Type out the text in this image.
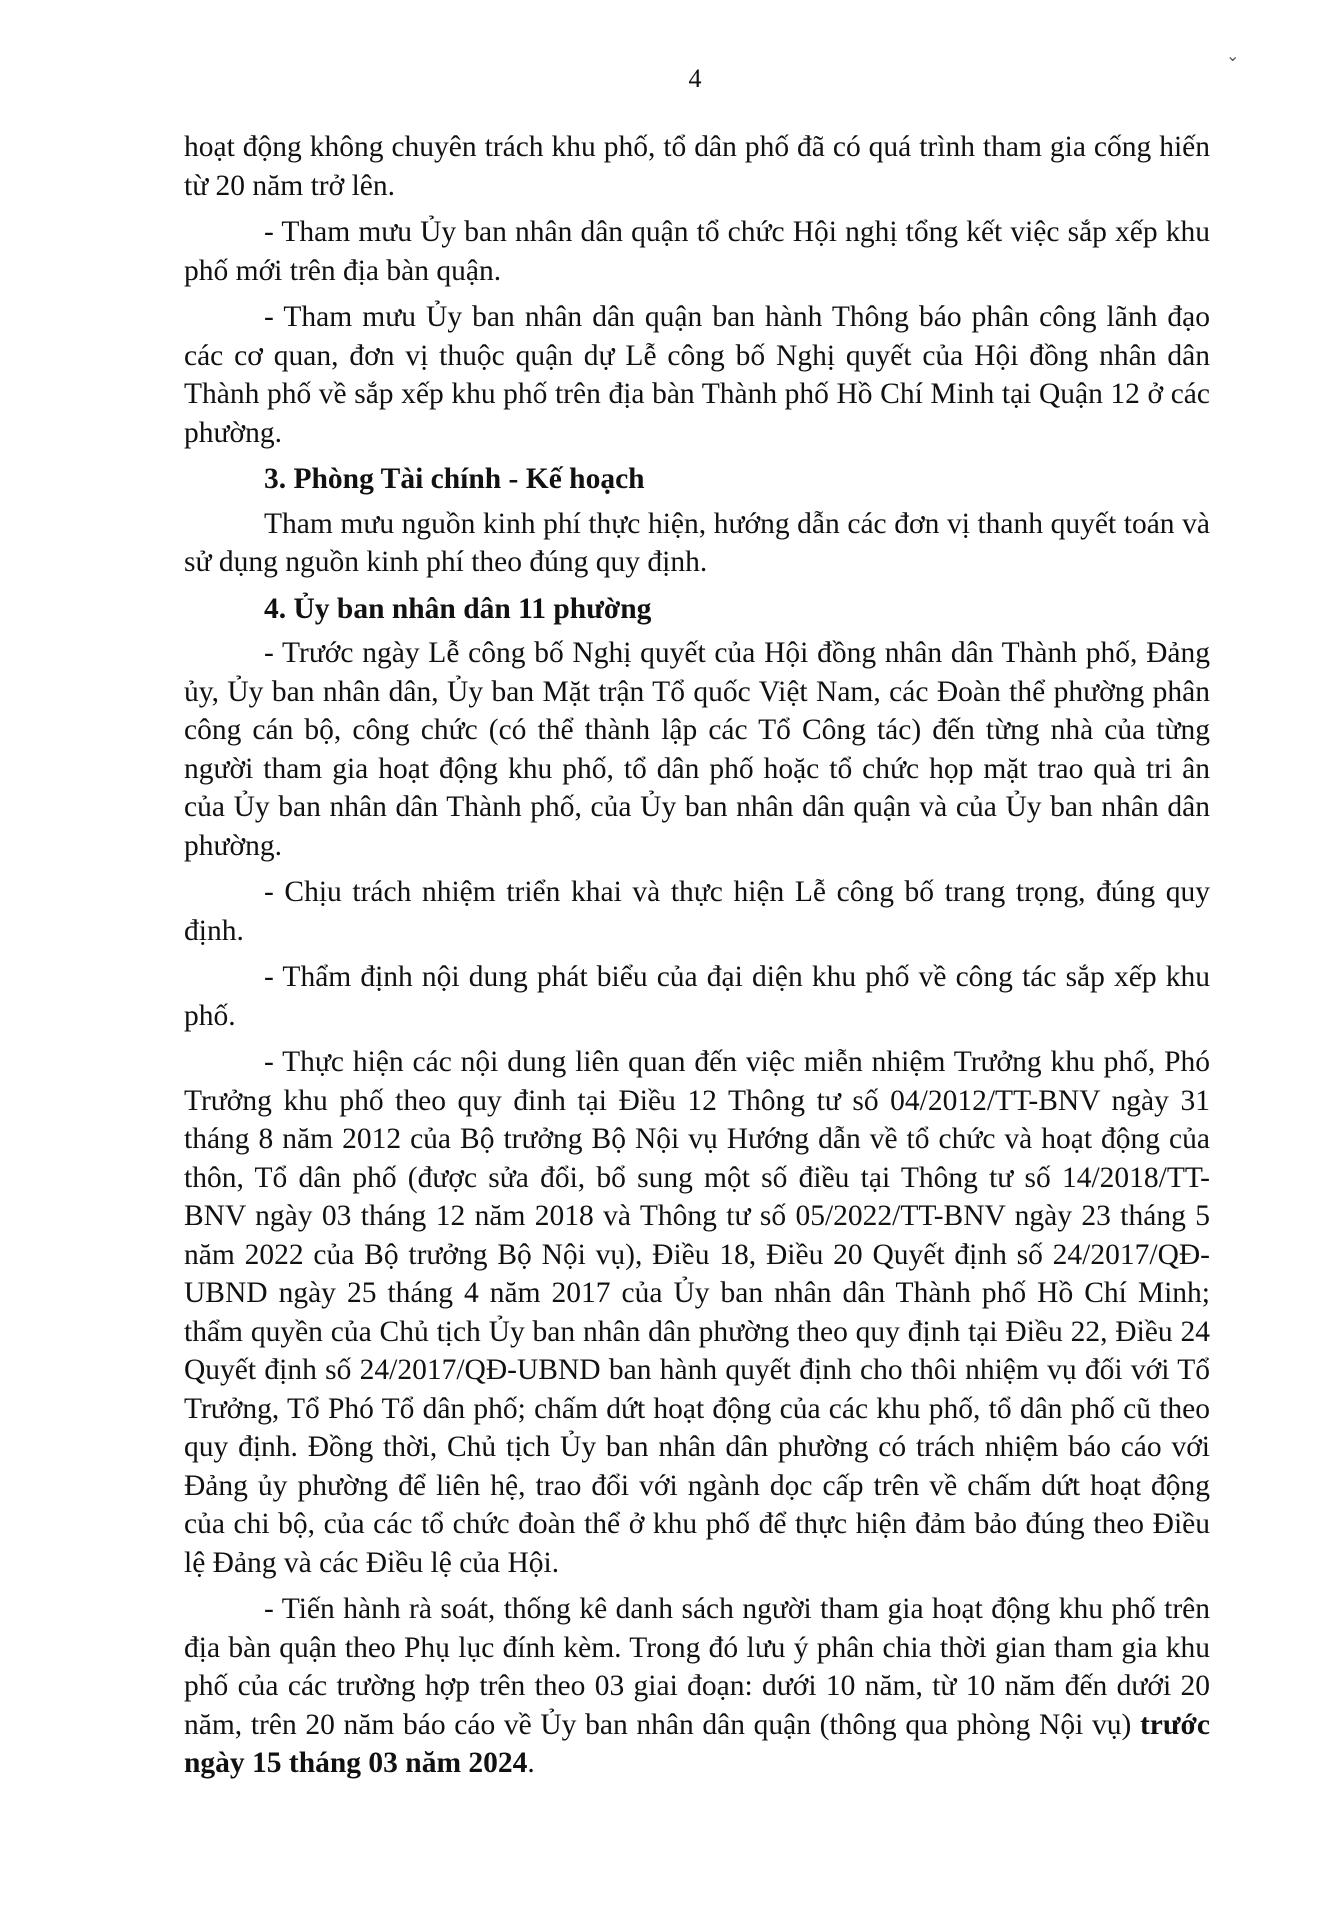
4
⌄

hoạt động không chuyên trách khu phố, tổ dân phố đã có quá trình tham gia cống hiến từ 20 năm trở lên.

- Tham mưu Ủy ban nhân dân quận tổ chức Hội nghị tổng kết việc sắp xếp khu phố mới trên địa bàn quận.

- Tham mưu Ủy ban nhân dân quận ban hành Thông báo phân công lãnh đạo các cơ quan, đơn vị thuộc quận dự Lễ công bố Nghị quyết của Hội đồng nhân dân Thành phố về sắp xếp khu phố trên địa bàn Thành phố Hồ Chí Minh tại Quận 12 ở các phường.

3. Phòng Tài chính - Kế hoạch

Tham mưu nguồn kinh phí thực hiện, hướng dẫn các đơn vị thanh quyết toán và sử dụng nguồn kinh phí theo đúng quy định.

4. Ủy ban nhân dân 11 phường

- Trước ngày Lễ công bố Nghị quyết của Hội đồng nhân dân Thành phố, Đảng ủy, Ủy ban nhân dân, Ủy ban Mặt trận Tổ quốc Việt Nam, các Đoàn thể phường phân công cán bộ, công chức (có thể thành lập các Tổ Công tác) đến từng nhà của từng người tham gia hoạt động khu phố, tổ dân phố hoặc tổ chức họp mặt trao quà tri ân của Ủy ban nhân dân Thành phố, của Ủy ban nhân dân quận và của Ủy ban nhân dân phường.

- Chịu trách nhiệm triển khai và thực hiện Lễ công bố trang trọng, đúng quy định.

- Thẩm định nội dung phát biểu của đại diện khu phố về công tác sắp xếp khu phố.

- Thực hiện các nội dung liên quan đến việc miễn nhiệm Trưởng khu phố, Phó Trưởng khu phố theo quy đinh tại Điều 12 Thông tư số 04/2012/TT-BNV ngày 31 tháng 8 năm 2012 của Bộ trưởng Bộ Nội vụ Hướng dẫn về tổ chức và hoạt động của thôn, Tổ dân phố (được sửa đổi, bổ sung một số điều tại Thông tư số 14/2018/TT-BNV ngày 03 tháng 12 năm 2018 và Thông tư số 05/2022/TT-BNV ngày 23 tháng 5 năm 2022 của Bộ trưởng Bộ Nội vụ), Điều 18, Điều 20 Quyết định số 24/2017/QĐ-UBND ngày 25 tháng 4 năm 2017 của Ủy ban nhân dân Thành phố Hồ Chí Minh; thẩm quyền của Chủ tịch Ủy ban nhân dân phường theo quy định tại Điều 22, Điều 24 Quyết định số 24/2017/QĐ-UBND ban hành quyết định cho thôi nhiệm vụ đối với Tổ Trưởng, Tổ Phó Tổ dân phố; chấm dứt hoạt động của các khu phố, tổ dân phố cũ theo quy định. Đồng thời, Chủ tịch Ủy ban nhân dân phường có trách nhiệm báo cáo với Đảng ủy phường để liên hệ, trao đổi với ngành dọc cấp trên về chấm dứt hoạt động của chi bộ, của các tổ chức đoàn thể ở khu phố để thực hiện đảm bảo đúng theo Điều lệ Đảng và các Điều lệ của Hội.

- Tiến hành rà soát, thống kê danh sách người tham gia hoạt động khu phố trên địa bàn quận theo Phụ lục đính kèm. Trong đó lưu ý phân chia thời gian tham gia khu phố của các trường hợp trên theo 03 giai đoạn: dưới 10 năm, từ 10 năm đến dưới 20 năm, trên 20 năm báo cáo về Ủy ban nhân dân quận (thông qua phòng Nội vụ) trước ngày 15 tháng 03 năm 2024.
